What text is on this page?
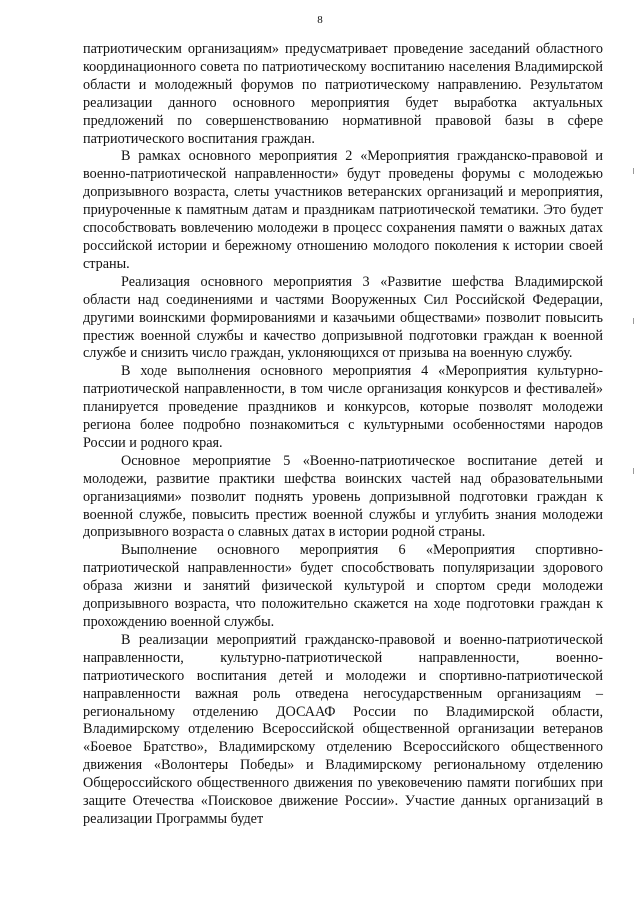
8

патриотическим организациям» предусматривает проведение заседаний областного координационного совета по патриотическому воспитанию населения Владимирской области и молодежный форумов по патриотическому направлению. Результатом реализации данного основного мероприятия будет выработка актуальных предложений по совершенствованию нормативной правовой базы в сфере патриотического воспитания граждан.

В рамках основного мероприятия 2 «Мероприятия гражданско-правовой и военно-патриотической направленности» будут проведены форумы с молодежью допризывного возраста, слеты участников ветеранских организаций и мероприятия, приуроченные к памятным датам и праздникам патриотической тематики. Это будет способствовать вовлечению молодежи в процесс сохранения памяти о важных датах российской истории и бережному отношению молодого поколения к истории своей страны.

Реализация основного мероприятия 3 «Развитие шефства Владимирской области над соединениями и частями Вооруженных Сил Российской Федерации, другими воинскими формированиями и казачьими обществами» позволит повысить престиж военной службы и качество допризывной подготовки граждан к военной службе и снизить число граждан, уклоняющихся от призыва на военную службу.

В ходе выполнения основного мероприятия 4 «Мероприятия культурно-патриотической направленности, в том числе организация конкурсов и фестивалей» планируется проведение праздников и конкурсов, которые позволят молодежи региона более подробно познакомиться с культурными особенностями народов России и родного края.

Основное мероприятие 5 «Военно-патриотическое воспитание детей и молодежи, развитие практики шефства воинских частей над образовательными организациями» позволит поднять уровень допризывной подготовки граждан к военной службе, повысить престиж военной службы и углубить знания молодежи допризывного возраста о славных датах в истории родной страны.

Выполнение основного мероприятия 6 «Мероприятия спортивно-патриотической направленности» будет способствовать популяризации здорового образа жизни и занятий физической культурой и спортом среди молодежи допризывного возраста, что положительно скажется на ходе подготовки граждан к прохождению военной службы.

В реализации мероприятий гражданско-правовой и военно-патриотической направленности, культурно-патриотической направленности, военно-патриотического воспитания детей и молодежи и спортивно-патриотической направленности важная роль отведена негосударственным организациям – региональному отделению ДОСААФ России по Владимирской области, Владимирскому отделению Всероссийской общественной организации ветеранов «Боевое Братство», Владимирскому отделению Всероссийского общественного движения «Волонтеры Победы» и Владимирскому региональному отделению Общероссийского общественного движения по увековечению памяти погибших при защите Отечества «Поисковое движение России». Участие данных организаций в реализации Программы будет
